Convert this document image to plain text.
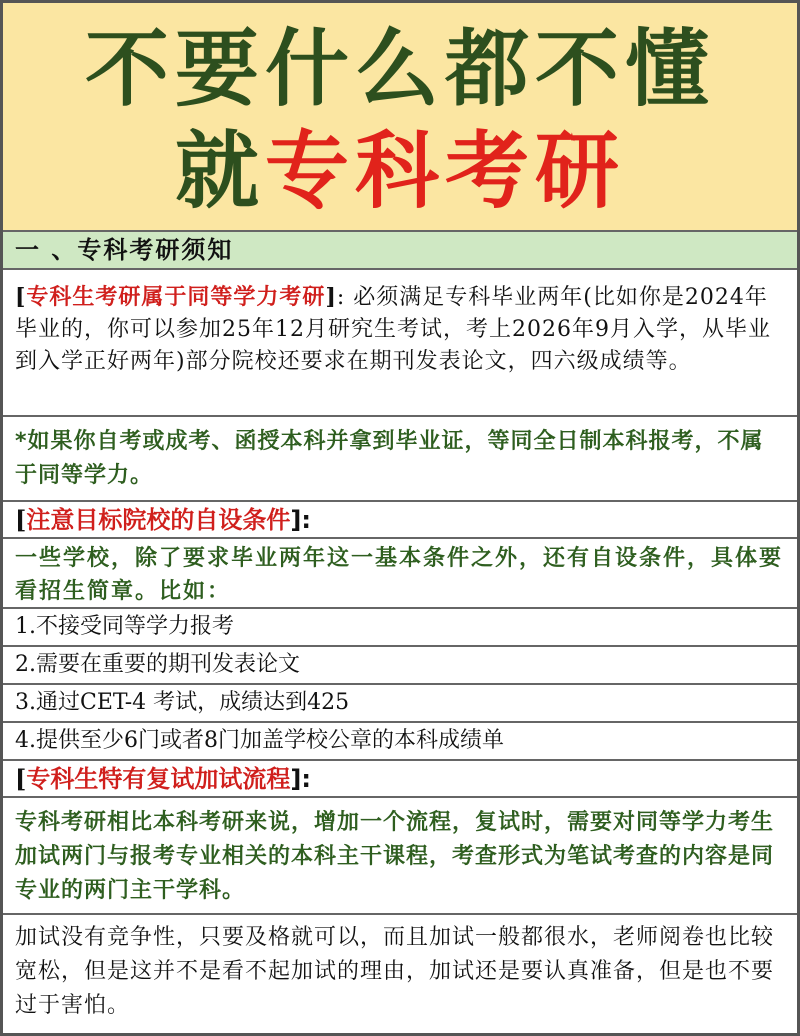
不要什么都不懂
就专科考研
一 、专科考研须知
[专科生考研属于同等学力考研]: 必须满足专科毕业两年(比如你是2024年毕业的，你可以参加25年12月研究生考试，考上2026年9月入学，从毕业到入学正好两年)部分院校还要求在期刊发表论文，四六级成绩等。
*如果你自考或成考、函授本科并拿到毕业证，等同全日制本科报考，不属于同等学力。
[注意目标院校的自设条件]:
一些学校，除了要求毕业两年这一基本条件之外，还有自设条件，具体要看招生简章。比如：
1.不接受同等学力报考
2.需要在重要的期刊发表论文
3.通过CET-4 考试，成绩达到425
4.提供至少6门或者8门加盖学校公章的本科成绩单
[专科生特有复试加试流程]:
专科考研相比本科考研来说，增加一个流程，复试时，需要对同等学力考生加试两门与报考专业相关的本科主干课程，考查形式为笔试考查的内容是同专业的两门主干学科。
加试没有竞争性，只要及格就可以，而且加试一般都很水，老师阅卷也比较宽松，但是这并不是看不起加试的理由，加试还是要认真准备，但是也不要过于害怕。
